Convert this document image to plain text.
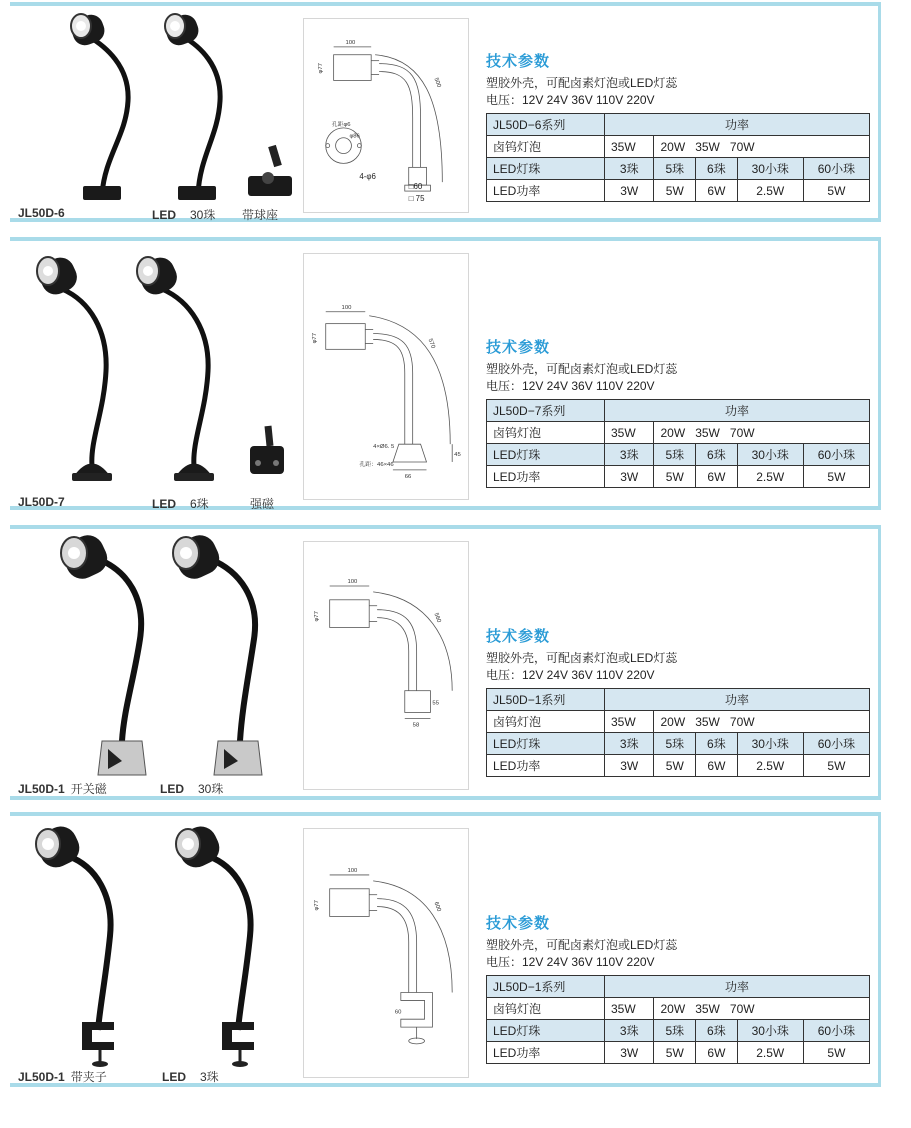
JL50D-6	LED 30珠 带球座
100
φ77
500
孔距φ6
φ86
4-φ6
□60
□ 75
技术参数
塑胶外壳，可配卤素灯泡或LED灯蕊
电压：12V 24V 36V 110V 220V
JL50D−6系列	功率				
卤钨灯泡	35W	20W 35W 70W			
LED灯珠	3珠	5珠	6珠	30小珠	60小珠
LED功率	3W	5W	6W	2.5W	5W
JL50D-7	LED 6珠	强磁
100
φ77	570
4×Ø6. 5
孔距：46×46
66
45
技术参数
塑胶外壳，可配卤素灯泡或LED灯蕊
电压：12V 24V 36V 110V 220V
JL50D−7系列	功率				
卤钨灯泡	35W	20W 35W 70W			
LED灯珠	3珠	5珠	6珠	30小珠	60小珠
LED功率	3W	5W	6W	2.5W	5W
JL50D-1 开关磁	LED 30珠
100
φ77	560
58
55
技术参数
塑胶外壳，可配卤素灯泡或LED灯蕊
电压：12V 24V 36V 110V 220V
JL50D−1系列	功率				
卤钨灯泡	35W	20W 35W 70W			
LED灯珠	3珠	5珠	6珠	30小珠	60小珠
LED功率	3W	5W	6W	2.5W	5W
JL50D-1 带夹子	LED 3珠
100
φ77	600
60
技术参数
塑胶外壳，可配卤素灯泡或LED灯蕊
电压：12V 24V 36V 110V 220V
JL50D−1系列	功率				
卤钨灯泡	35W	20W 35W 70W			
LED灯珠	3珠	5珠	6珠	30小珠	60小珠
LED功率	3W	5W	6W	2.5W	5W
